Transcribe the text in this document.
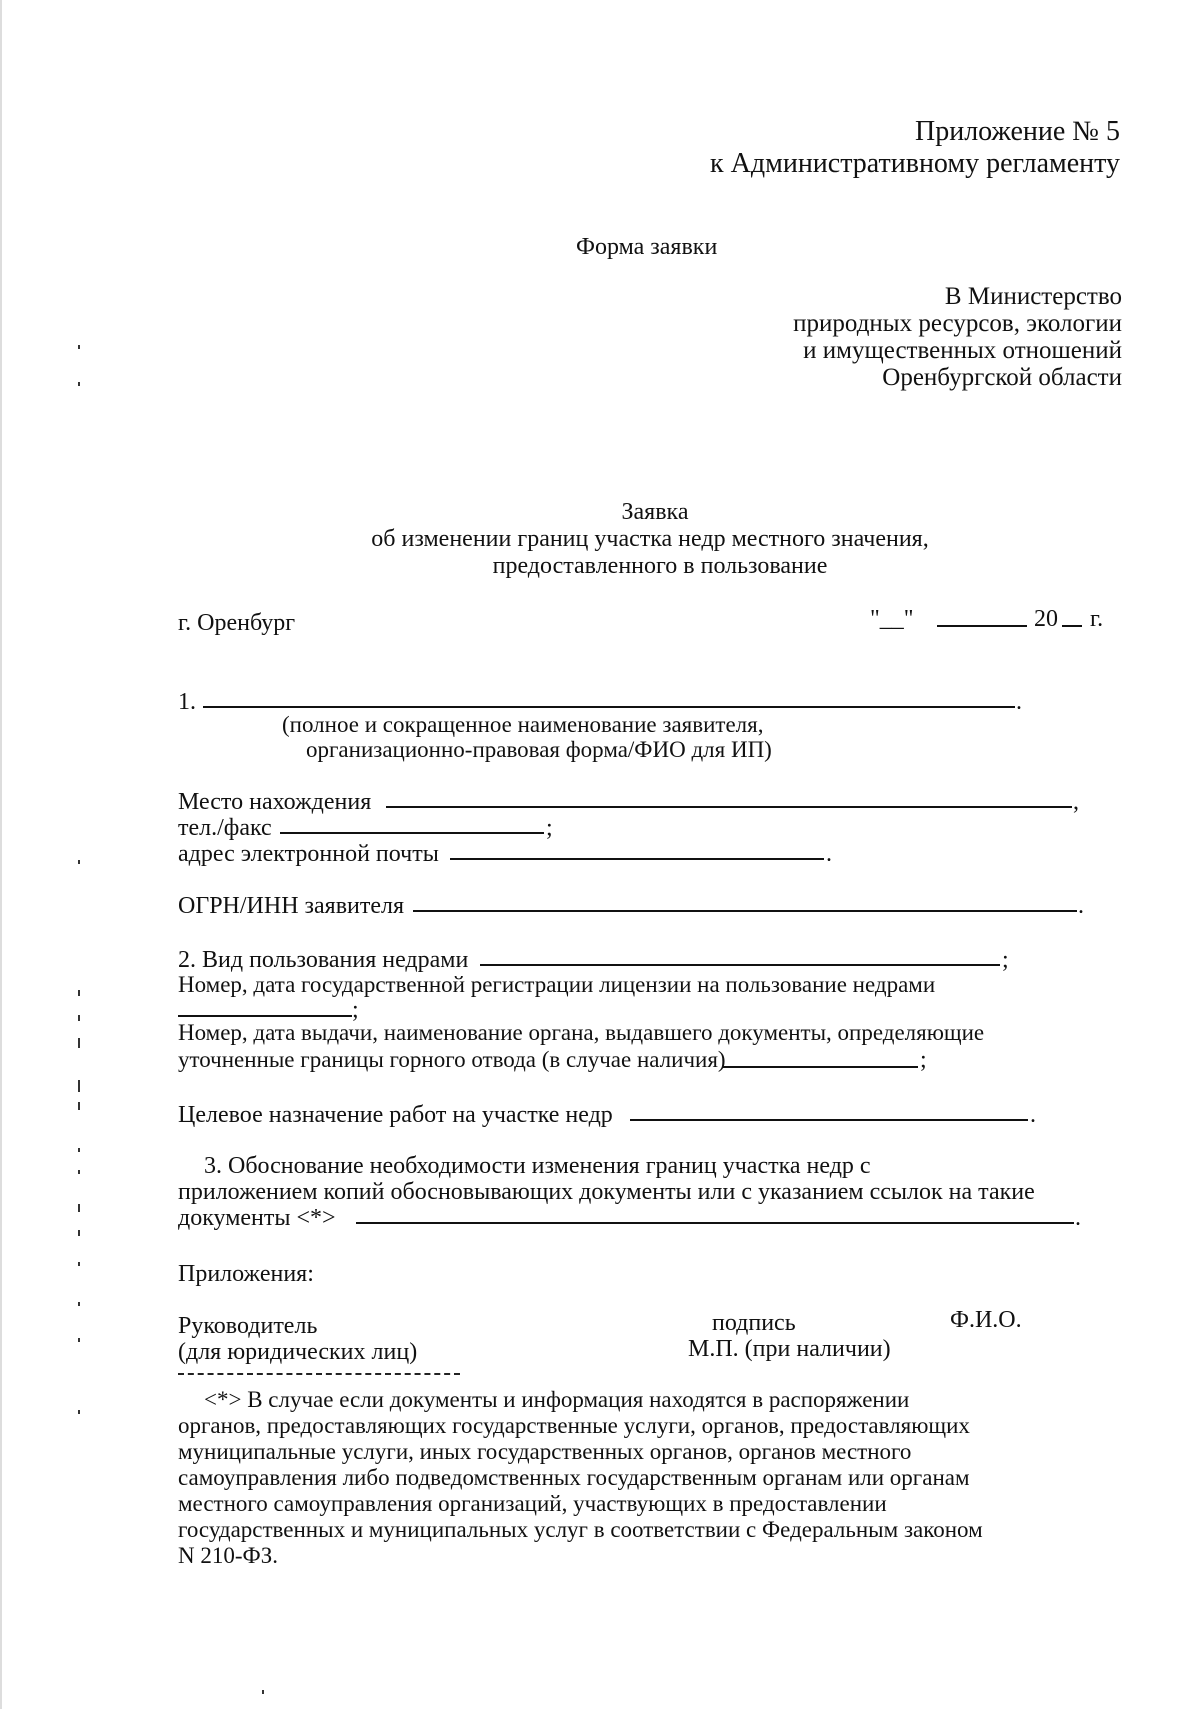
Приложение № 5
к Административному регламенту
Форма заявки
В Министерство
природных ресурсов, экологии
и имущественных отношений
Оренбургской области
Заявка
об изменении границ участка недр местного значения,
предоставленного в пользование
г. Оренбург	"__"	20 г.
1.	.
(полное и сокращенное наименование заявителя,
организационно-правовая форма/ФИО для ИП)
Место нахождения	,
тел./факс	;
адрес электронной почты	.
ОГРН/ИНН заявителя	.
2. Вид пользования недрами	;
Номер, дата государственной регистрации лицензии на пользование недрами
;
Номер, дата выдачи, наименование органа, выдавшего документы, определяющие
уточненные границы горного отвода (в случае наличия)	;
Целевое назначение работ на участке недр	.
3. Обоснование необходимости изменения границ участка недр с
приложением копий обосновывающих документы или с указанием ссылок на такие
документы <*>	.
Приложения:
Руководитель
(для юридических лиц)
подпись
М.П. (при наличии)
Ф.И.О.
<*> В случае если документы и информация находятся в распоряжении
органов, предоставляющих государственные услуги, органов, предоставляющих
муниципальные услуги, иных государственных органов, органов местного
самоуправления либо подведомственных государственным органам или органам
местного самоуправления организаций, участвующих в предоставлении
государственных и муниципальных услуг в соответствии с Федеральным законом
N 210-ФЗ.
